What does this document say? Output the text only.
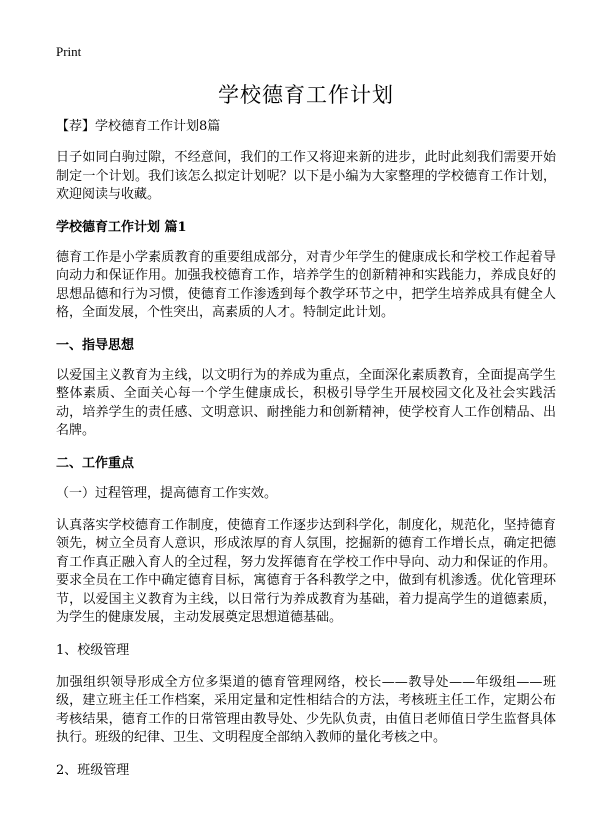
Print
学校德育工作计划
【荐】学校德育工作计划8篇

日子如同白驹过隙，不经意间，我们的工作又将迎来新的进步，此时此刻我们需要开始制定一个计划。我们该怎么拟定计划呢？以下是小编为大家整理的学校德育工作计划，欢迎阅读与收藏。

学校德育工作计划 篇1

德育工作是小学素质教育的重要组成部分，对青少年学生的健康成长和学校工作起着导向动力和保证作用。加强我校德育工作，培养学生的创新精神和实践能力，养成良好的思想品德和行为习惯，使德育工作渗透到每个教学环节之中，把学生培养成具有健全人格，全面发展，个性突出，高素质的人才。特制定此计划。

一、指导思想

以爱国主义教育为主线，以文明行为的养成为重点，全面深化素质教育，全面提高学生整体素质、全面关心每一个学生健康成长，积极引导学生开展校园文化及社会实践活动，培养学生的责任感、文明意识、耐挫能力和创新精神，使学校育人工作创精品、出名牌。

二、工作重点
（一）过程管理，提高德育工作实效。

认真落实学校德育工作制度，使德育工作逐步达到科学化，制度化，规范化，坚持德育领先，树立全员育人意识，形成浓厚的育人氛围，挖掘新的德育工作增长点，确定把德育工作真正融入育人的全过程，努力发挥德育在学校工作中导向、动力和保证的作用。要求全员在工作中确定德育目标，寓德育于各科教学之中，做到有机渗透。优化管理环节，以爱国主义教育为主线，以日常行为养成教育为基础，着力提高学生的道德素质，为学生的健康发展，主动发展奠定思想道德基础。

1、校级管理

加强组织领导形成全方位多渠道的德育管理网络，校长——教导处——年级组——班级，建立班主任工作档案，采用定量和定性相结合的方法，考核班主任工作，定期公布考核结果，德育工作的日常管理由教导处、少先队负责，由值日老师值日学生监督具体执行。班级的纪律、卫生、文明程度全部纳入教师的量化考核之中。

2、班级管理
